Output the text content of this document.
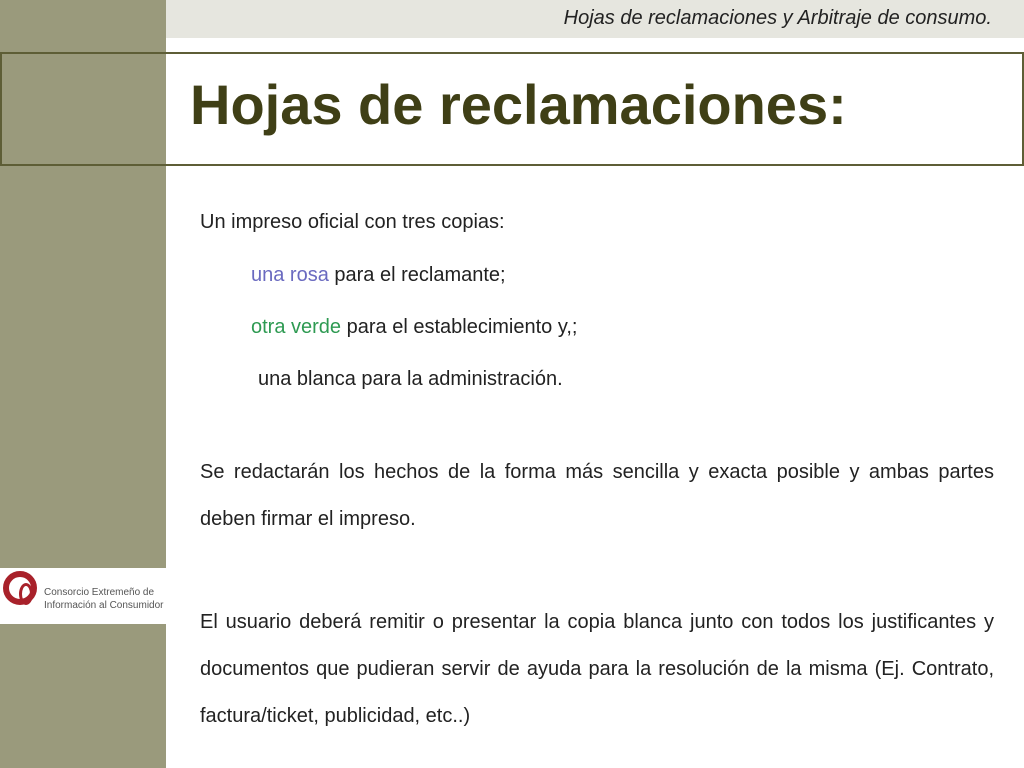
Hojas de reclamaciones y Arbitraje de consumo.
Hojas de reclamaciones:
Un impreso oficial con tres copias:
una rosa para el reclamante;
otra verde para el establecimiento y,;
una blanca para la administración.
Se redactarán los hechos de la forma más sencilla y exacta posible y ambas partes deben firmar el impreso.
El usuario deberá remitir o presentar la copia blanca junto con todos los justificantes y documentos que pudieran servir de ayuda para la resolución de la misma (Ej. Contrato, factura/ticket, publicidad, etc..)
Consorcio Extremeño de
Información al Consumidor
